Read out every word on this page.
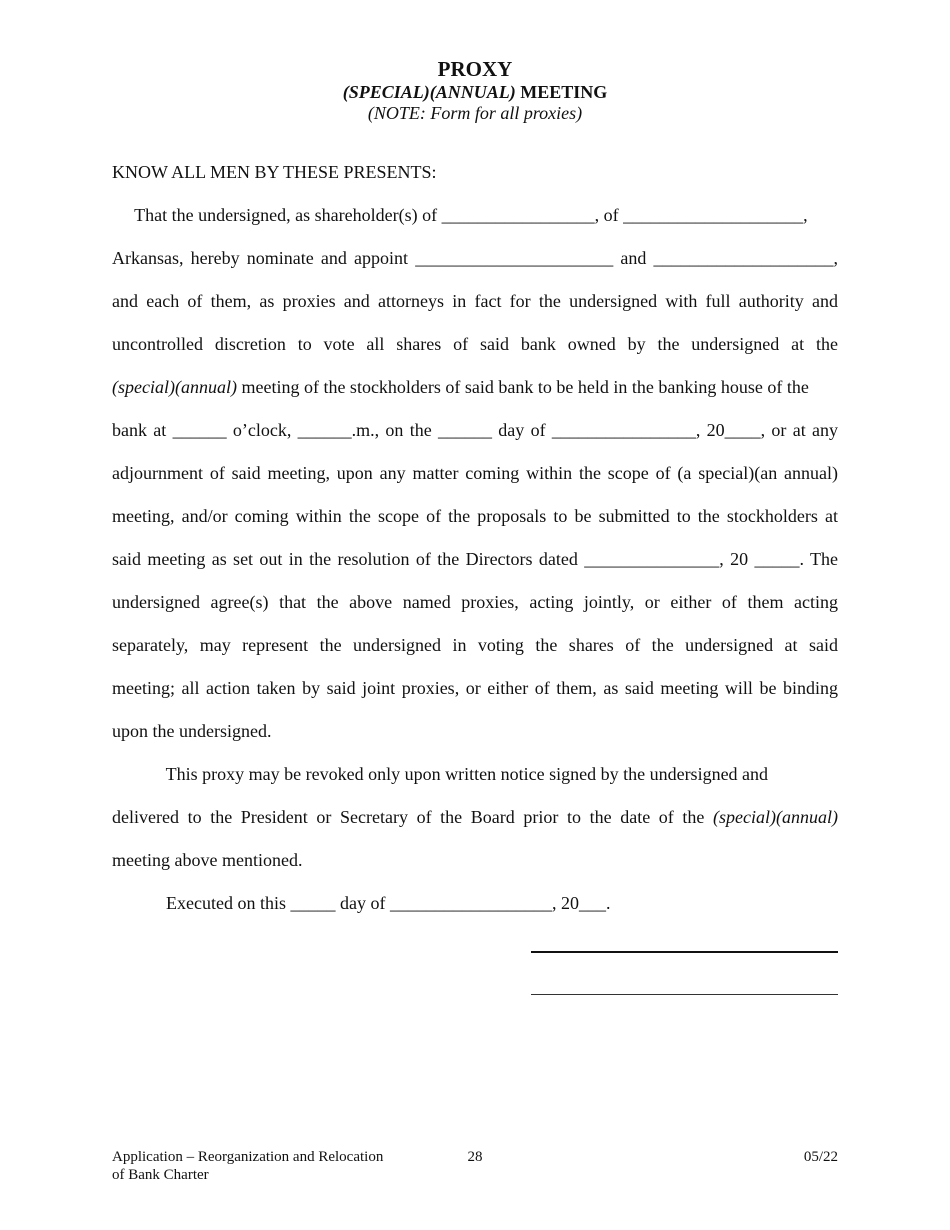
PROXY
(SPECIAL)(ANNUAL) MEETING
(NOTE: Form for all proxies)
KNOW ALL MEN BY THESE PRESENTS:
That the undersigned, as shareholder(s) of _________________, of ____________________,
Arkansas, hereby nominate and appoint ______________________ and ____________________,
and each of them, as proxies and attorneys in fact for the undersigned with full authority and
uncontrolled discretion to vote all shares of said bank owned by the undersigned at the
(special)(annual) meeting of the stockholders of said bank to be held in the banking house of the
bank at ______ o’clock, ______.m., on the ______ day of ________________, 20____, or at any
adjournment of said meeting, upon any matter coming within the scope of (a special)(an annual)
meeting, and/or coming within the scope of the proposals to be submitted to the stockholders at
said meeting as set out in the resolution of the Directors dated _______________, 20 _____. The
undersigned agree(s) that the above named proxies, acting jointly, or either of them acting
separately, may represent the undersigned in voting the shares of the undersigned at said
meeting; all action taken by said joint proxies, or either of them, as said meeting will be binding
upon the undersigned.
This proxy may be revoked only upon written notice signed by the undersigned and
delivered to the President or Secretary of the Board prior to the date of the (special)(annual)
meeting above mentioned.
Executed on this _____ day of __________________, 20___.
Application – Reorganization and Relocation
of Bank Charter
28	05/22
